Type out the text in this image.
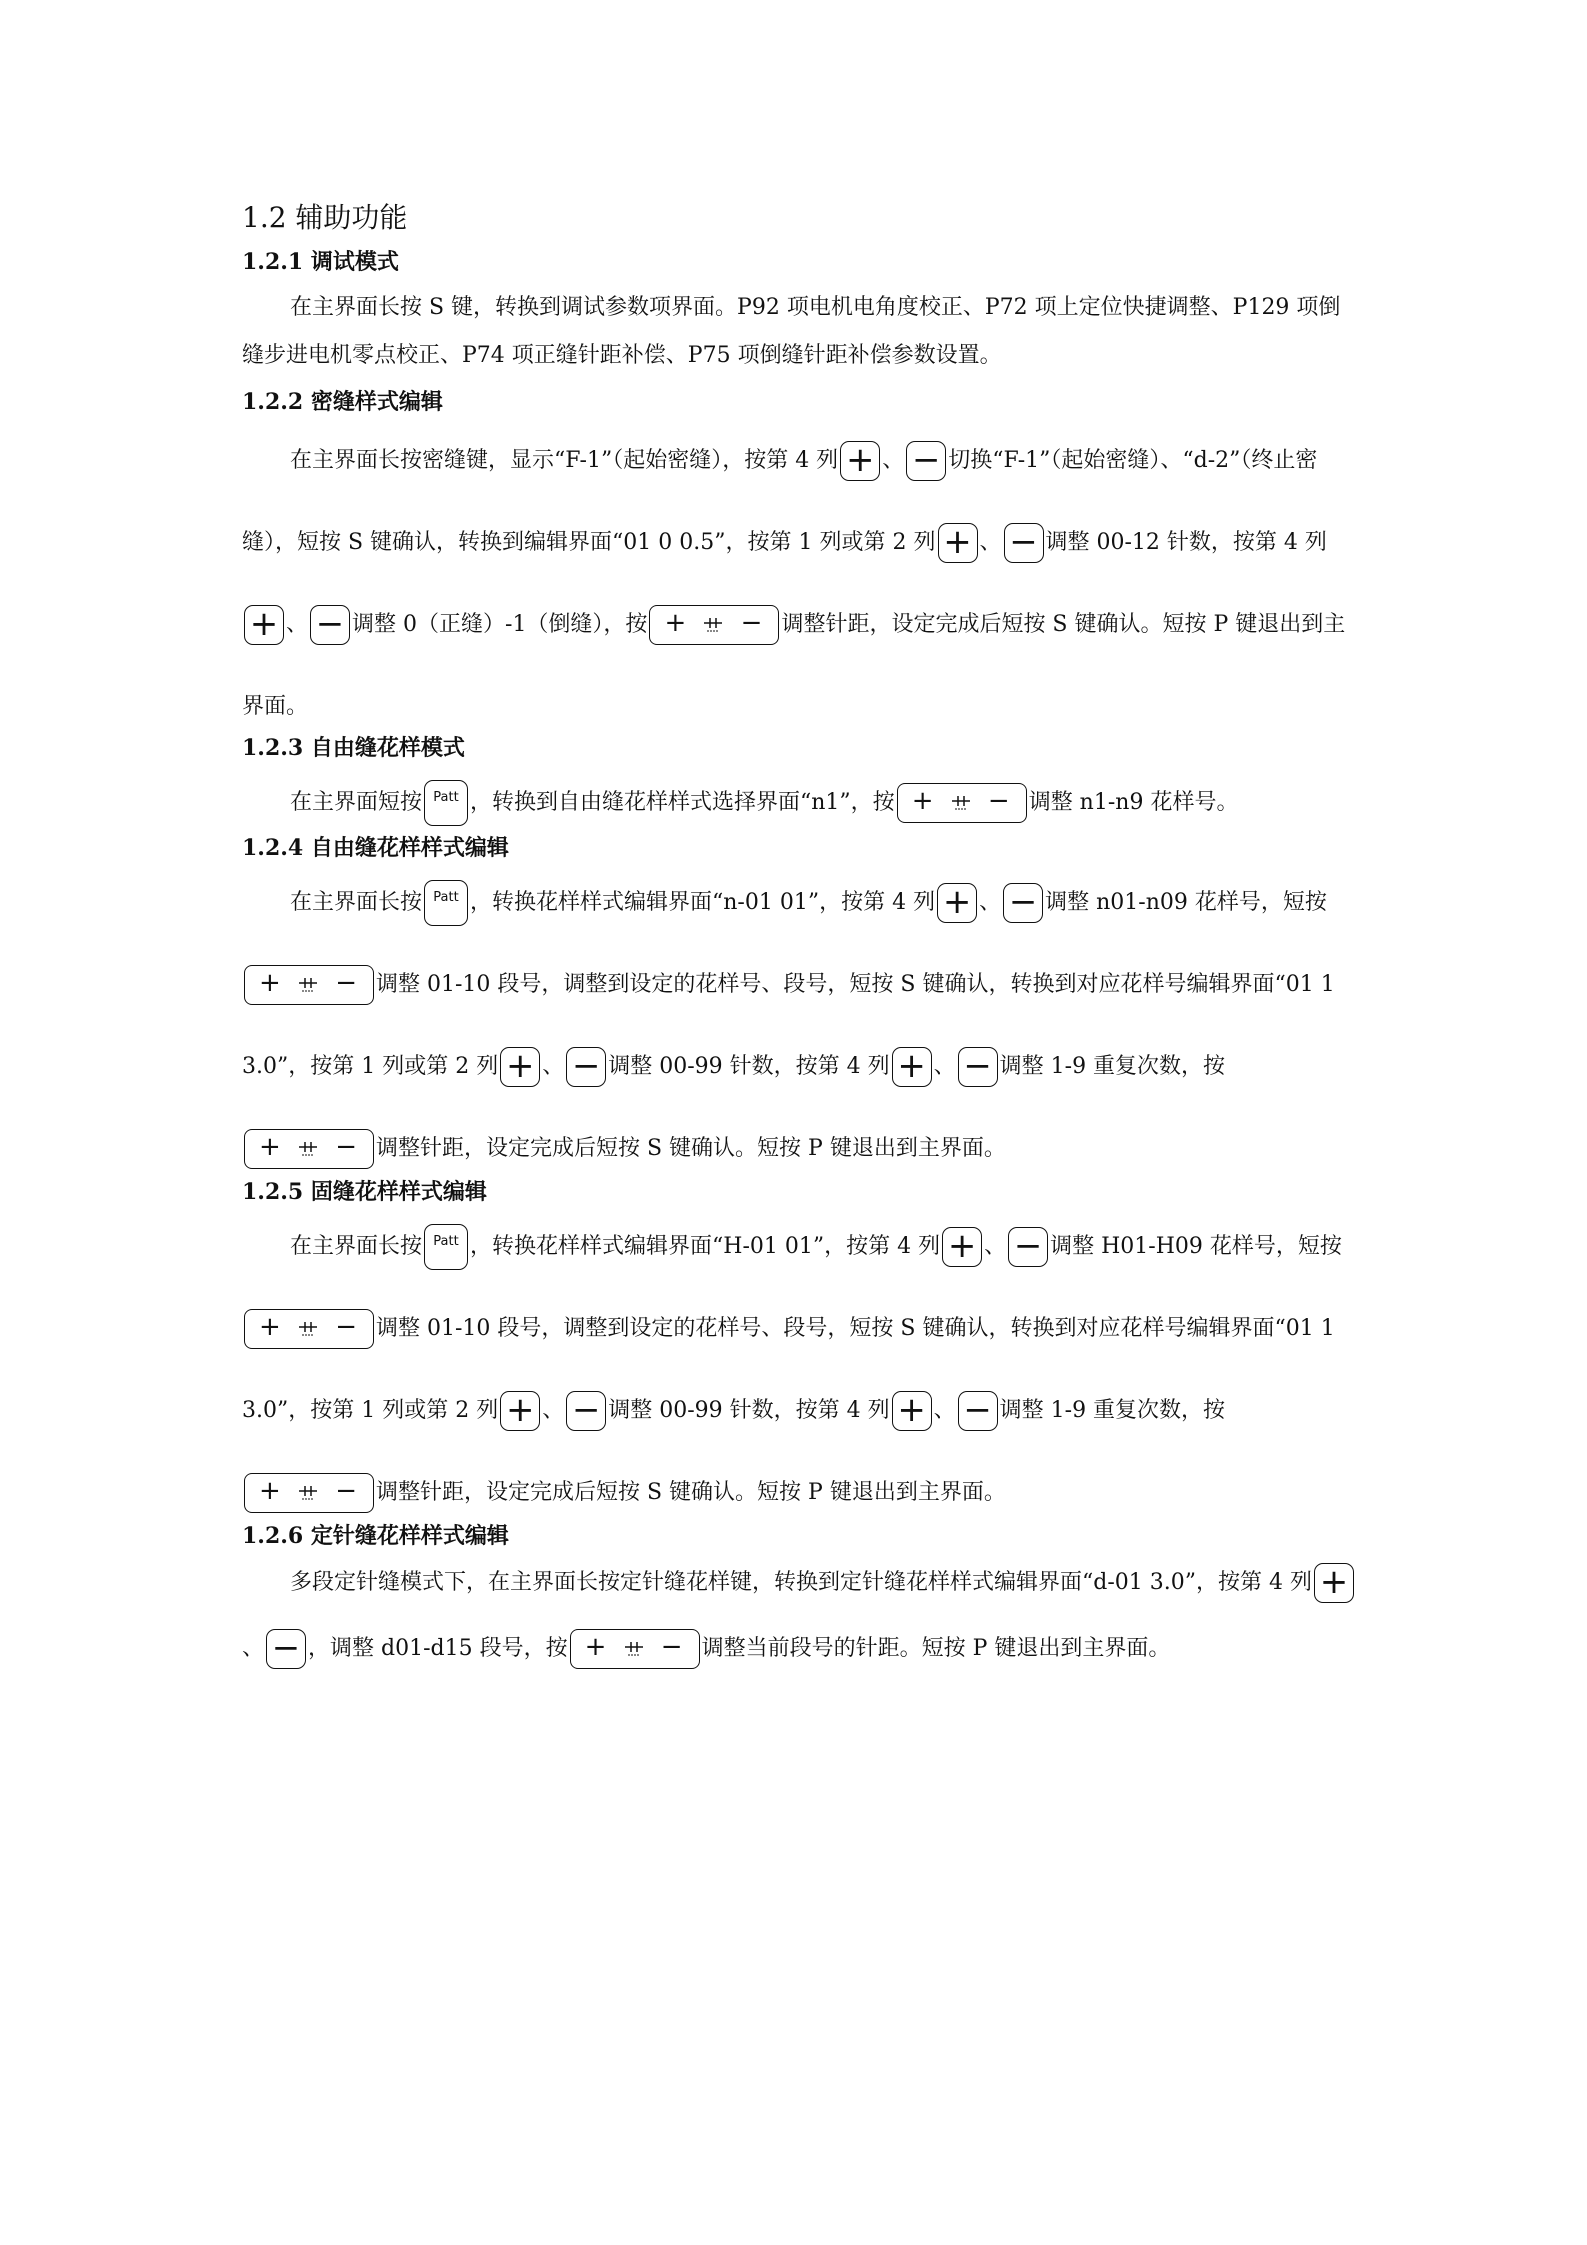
1.2 辅助功能
1.2.1 调试模式

在主界面长按 S 键，转换到调试参数项界面。P92 项电机电角度校正、P72 项上定位快捷调整、P129 项倒缝步进电机零点校正、P74 项正缝针距补偿、P75 项倒缝针距补偿参数设置。

1.2.2 密缝样式编辑

在主界面长按密缝键，显示“F-1”（起始密缝），按第 4 列 + 、 − 切换“F-1”（起始密缝）、“d-2”（终止密缝），短按 S 键确认，转换到编辑界面“01 0 0.5”，按第 1 列或第 2 列 + 、 − 调整 00-12 针数，按第 4 列
+ 、 − 调整 0（正缝）-1（倒缝），按 + − 调整针距，设定完成后短按 S 键确认。短按 P 键退出到主界面。

1.2.3 自由缝花样模式

在主界面短按 Patt ，转换到自由缝花样样式选择界面“n1”，按 + − 调整 n1-n9 花样号。

1.2.4 自由缝花样样式编辑

在主界面长按 Patt ，转换花样样式编辑界面“n-01 01”，按第 4 列 + 、 − 调整 n01-n09 花样号，短按
+ − 调整 01-10 段号，调整到设定的花样号、段号，短按 S 键确认，转换到对应花样号编辑界面“01 1 3.0”，按第 1 列或第 2 列 + 、 − 调整 00-99 针数，按第 4 列 + 、 − 调整 1-9 重复次数，按
+ − 调整针距，设定完成后短按 S 键确认。短按 P 键退出到主界面。

1.2.5 固缝花样样式编辑

在主界面长按 Patt ，转换花样样式编辑界面“H-01 01”，按第 4 列 + 、 − 调整 H01-H09 花样号，短按
+ − 调整 01-10 段号，调整到设定的花样号、段号，短按 S 键确认，转换到对应花样号编辑界面“01 1 3.0”，按第 1 列或第 2 列 + 、 − 调整 00-99 针数，按第 4 列 + 、 − 调整 1-9 重复次数，按
+ − 调整针距，设定完成后短按 S 键确认。短按 P 键退出到主界面。

1.2.6 定针缝花样样式编辑

多段定针缝模式下，在主界面长按定针缝花样键，转换到定针缝花样样式编辑界面“d-01 3.0”，按第 4 列 +
、 − ，调整 d01-d15 段号，按 + − 调整当前段号的针距。短按 P 键退出到主界面。
